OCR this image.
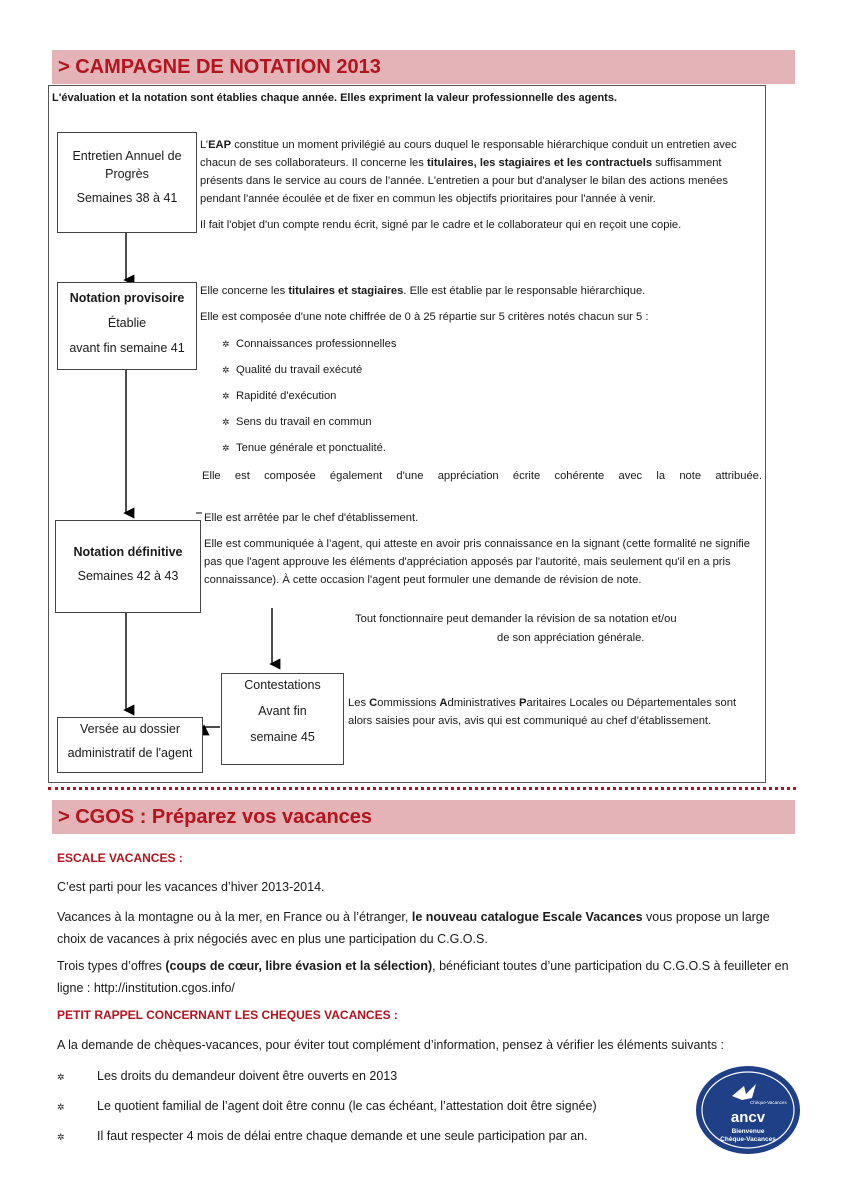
> CAMPAGNE DE NOTATION 2013
L'évaluation et la notation sont établies chaque année. Elles expriment la valeur professionnelle des agents.

Entretien Annuel de

Progrès

Semaines 38 à 41

L’EAP constitue un moment privilégié au cours duquel le responsable hiérarchique conduit un entretien avec chacun de ses collaborateurs. Il concerne les titulaires, les stagiaires et les contractuels suffisamment présents dans le service au cours de l’année. L'entretien a pour but d'analyser le bilan des actions menées pendant l'année écoulée et de fixer en commun les objectifs prioritaires pour l'année à venir.

Il fait l'objet d'un compte rendu écrit, signé par le cadre et le collaborateur qui en reçoit une copie.

Notation provisoire

Établie

avant fin semaine 41

Elle concerne les titulaires et stagiaires. Elle est établie par le responsable hiérarchique.

Elle est composée d'une note chiffrée de 0 à 25 répartie sur 5 critères notés chacun sur 5 :

✲ Connaissances professionnelles
✲ Qualité du travail exécuté
✲ Rapidité d'exécution
✲ Sens du travail en commun
✲ Tenue générale et ponctualité.
Elle est composée également d'une appréciation écrite cohérente avec la note attribuée.

Notation définitive

Semaines 42 à 43

Elle est arrêtée par le chef d'établissement.

Elle est communiquée à l’agent, qui atteste en avoir pris connaissance en la signant (cette formalité ne signifie pas que l'agent approuve les éléments d'appréciation apposés par l'autorité, mais seulement qu'il en a pris connaissance). À cette occasion l'agent peut formuler une demande de révision de note.

Tout fonctionnaire peut demander la révision de sa notation et/ou
de son appréciation générale.

Contestations

Avant fin

semaine 45

Les Commissions Administratives Paritaires Locales ou Départementales sont alors saisies pour avis, avis qui est communiqué au chef d’établissement.

Versée au dossier

administratif de l'agent

> CGOS : Préparez vos vacances
ESCALE VACANCES :
C’est parti pour les vacances d’hiver 2013-2014.
Vacances à la montagne ou à la mer, en France ou à l’étranger, le nouveau catalogue Escale Vacances vous propose un large choix de vacances à prix négociés avec en plus une participation du C.G.O.S.
Trois types d’offres (coups de cœur, libre évasion et la sélection), bénéficiant toutes d’une participation du C.G.O.S à feuilleter en ligne : http://institution.cgos.info/
PETIT RAPPEL CONCERNANT LES CHEQUES VACANCES :
A la demande de chèques-vacances, pour éviter tout complément d’information, pensez à vérifier les éléments suivants :
✲	Les droits du demandeur doivent être ouverts en 2013
✲	Le quotient familial de l’agent doit être connu (le cas échéant, l’attestation doit être signée)
✲	Il faut respecter 4 mois de délai entre chaque demande et une seule participation par an.
Chèque-Vacances
ancv
Bienvenue
Chèque-Vacances
